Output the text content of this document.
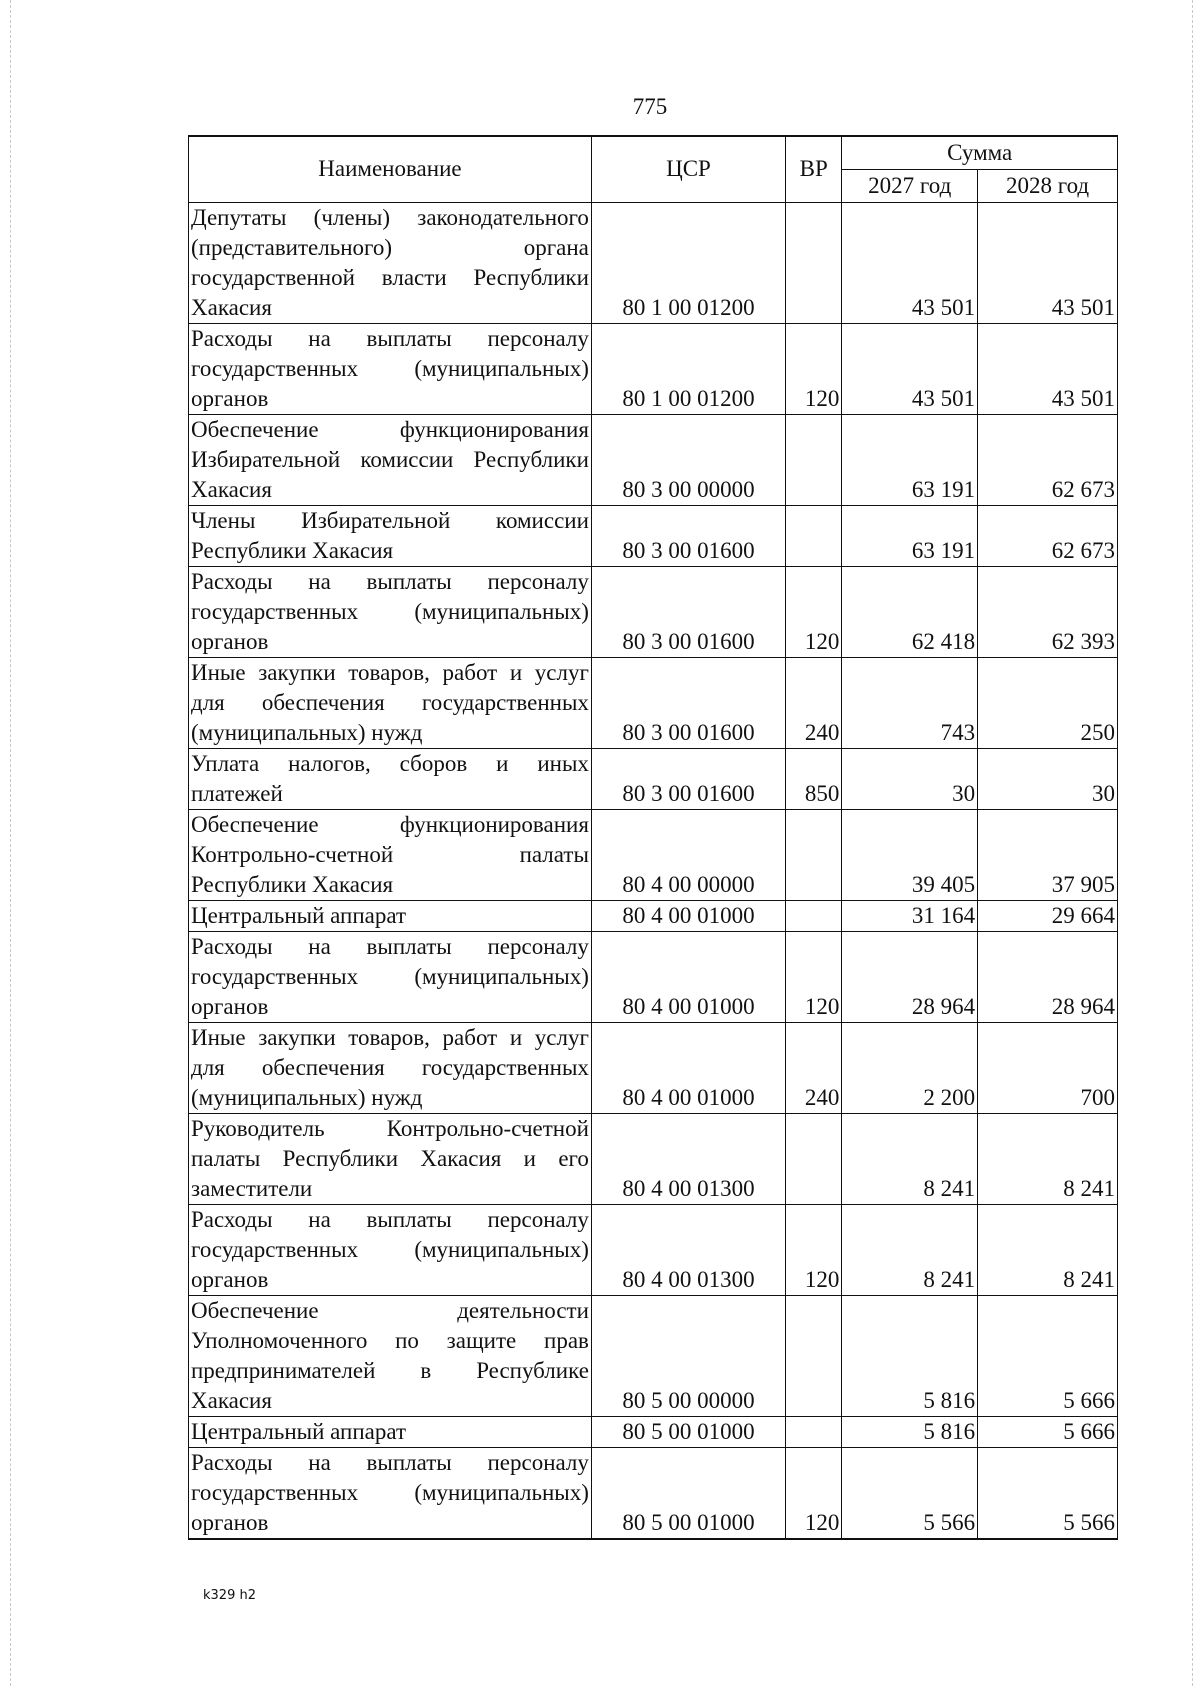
775
Наименование	ЦСР	ВР	Сумма	
			2027 год	2028 год
Депутаты (члены) законодательного (представительного) органа государственной власти Республики Хакасия	80 1 00 01200		43 501	43 501
Расходы на выплаты персоналу государственных (муниципальных) органов	80 1 00 01200	120	43 501	43 501
Обеспечение функционирования Избирательной комиссии Республики Хакасия	80 3 00 00000		63 191	62 673
Члены Избирательной комиссии Республики Хакасия	80 3 00 01600		63 191	62 673
Расходы на выплаты персоналу государственных (муниципальных) органов	80 3 00 01600	120	62 418	62 393
Иные закупки товаров, работ и услуг для обеспечения государственных (муниципальных) нужд	80 3 00 01600	240	743	250
Уплата налогов, сборов и иных платежей	80 3 00 01600	850	30	30
Обеспечение функционирования Контрольно-счетной палаты Республики Хакасия	80 4 00 00000		39 405	37 905
Центральный аппарат	80 4 00 01000		31 164	29 664
Расходы на выплаты персоналу государственных (муниципальных) органов	80 4 00 01000	120	28 964	28 964
Иные закупки товаров, работ и услуг для обеспечения государственных (муниципальных) нужд	80 4 00 01000	240	2 200	700
Руководитель Контрольно-счетной палаты Республики Хакасия и его заместители	80 4 00 01300		8 241	8 241
Расходы на выплаты персоналу государственных (муниципальных) органов	80 4 00 01300	120	8 241	8 241
Обеспечение деятельности Уполномоченного по защите прав предпринимателей в Республике Хакасия	80 5 00 00000		5 816	5 666
Центральный аппарат	80 5 00 01000		5 816	5 666
Расходы на выплаты персоналу государственных (муниципальных) органов	80 5 00 01000	120	5 566	5 566
k329 h2
